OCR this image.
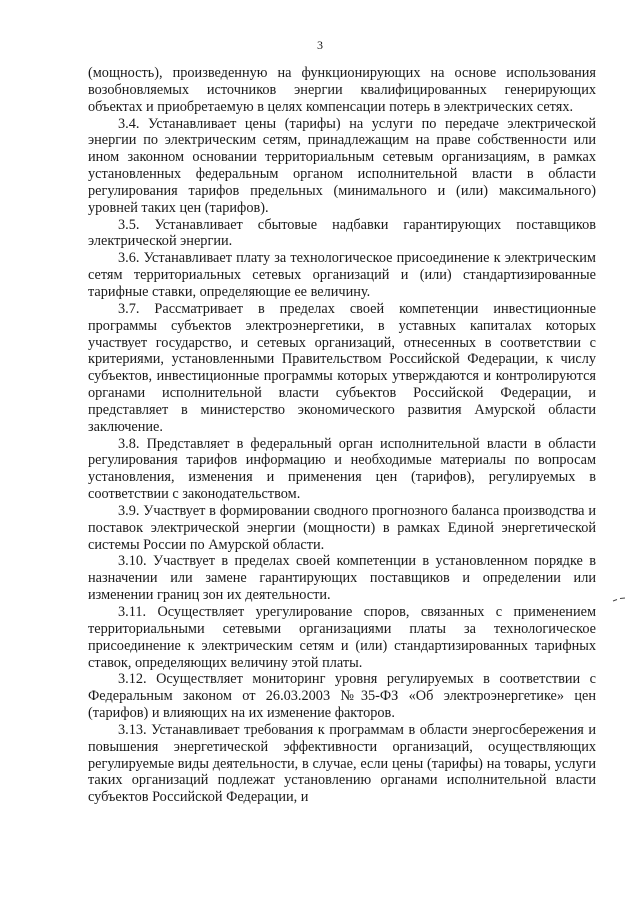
3

(мощность), произведенную на функционирующих на основе использования возобновляемых источников энергии квалифицированных генерирующих объектах и приобретаемую в целях компенсации потерь в электрических сетях.

3.4. Устанавливает цены (тарифы) на услуги по передаче электрической энергии по электрическим сетям, принадлежащим на праве собственности или ином законном основании территориальным сетевым организациям, в рамках установленных федеральным органом исполнительной власти в области регулирования тарифов предельных (минимального и (или) максимального) уровней таких цен (тарифов).

3.5. Устанавливает сбытовые надбавки гарантирующих поставщиков электрической энергии.

3.6. Устанавливает плату за технологическое присоединение к электрическим сетям территориальных сетевых организаций и (или) стандартизированные тарифные ставки, определяющие ее величину.

3.7. Рассматривает в пределах своей компетенции инвестиционные программы субъектов электроэнергетики, в уставных капиталах которых участвует государство, и сетевых организаций, отнесенных в соответствии с критериями, установленными Правительством Российской Федерации, к числу субъектов, инвестиционные программы которых утверждаются и контролируются органами исполнительной власти субъектов Российской Федерации, и представляет в министерство экономического развития Амурской области заключение.

3.8. Представляет в федеральный орган исполнительной власти в области регулирования тарифов информацию и необходимые материалы по вопросам установления, изменения и применения цен (тарифов), регулируемых в соответствии с законодательством.

3.9. Участвует в формировании сводного прогнозного баланса производства и поставок электрической энергии (мощности) в рамках Единой энергетической системы России по Амурской области.

3.10. Участвует в пределах своей компетенции в установленном порядке в назначении или замене гарантирующих поставщиков и определении или изменении границ зон их деятельности.

3.11. Осуществляет урегулирование споров, связанных с применением территориальными сетевыми организациями платы за технологическое присоединение к электрическим сетям и (или) стандартизированных тарифных ставок, определяющих величину этой платы.

3.12. Осуществляет мониторинг уровня регулируемых в соответствии с Федеральным законом от 26.03.2003 №35-ФЗ «Об электроэнергетике» цен (тарифов) и влияющих на их изменение факторов.

3.13. Устанавливает требования к программам в области энергосбережения и повышения энергетической эффективности организаций, осуществляющих регулируемые виды деятельности, в случае, если цены (тарифы) на товары, услуги таких организаций подлежат установлению органами исполнительной власти субъектов Российской Федерации, и
